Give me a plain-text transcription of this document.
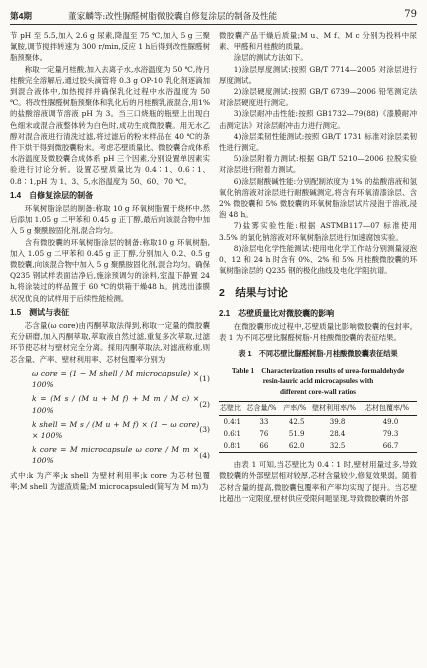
第4期	董家麟等:改性脲醛树脂微胶囊自修复涂层的制备及性能	79

节 pH 至 5.5,加入 2.6 g 尿素,降温至 75 ℃,加入 5 g 三聚氰胺,调节搅拌转速为 300 r/min,反应 1 h后得到改性脲醛树脂预聚体。

称取一定量月桂酸,加入去离子水,水浴温度为 50 ℃,待月桂酸完全溶解后,通过胶头滴管将 0.3 g OP-10 乳化剂逐滴加到混合液体中,加热搅拌并确保乳化过程中水浴温度为 50 ℃。将改性脲醛树脂预聚体和乳化后的月桂酸乳液混合,用1%的盐酸溶液调节溶液 pH 为 3。当三口烧瓶的瓶壁上出现白色细末或混合液整体转为白色时,成功生成微胶囊。用无水乙醇对混合液进行清洗过滤,将过滤后的粉末样品在 40 ℃的条件下烘干得到微胶囊粉末。考虑芯壁质量比、微胶囊合成体系水浴温度及微胶囊合成体系 pH 三个因素,分别设置单因素实验进行讨论分析。设置芯壁质量比为 0.4∶1、0.6∶1、0.8∶1,pH 为 1、3、5,水浴温度为 50、60、70 ℃。

1.4　自修复涂层的制备

环氧树脂涂层的制备:称取 10 g 环氧树脂置于烧杯中,然后添加 1.05 g 二甲苯和 0.45 g 正丁醇,最后向该混合物中加入 5 g 聚酰胺固化剂,混合均匀。

含有微胶囊的环氧树脂涂层的制备:称取10 g 环氧树脂,加入 1.05 g 二甲苯和 0.45 g 正丁醇,分别加入 0.2、0.5 g 微胶囊,向该混合物中加入 5 g 聚酰胺固化剂,混合均匀。确保 Q235 钢试样表面洁净后,施涂预调匀的涂料,室温下静置 24 h,将涂装过的样品置于 60 ℃的烘箱干燥48 h。挑选出漆膜状况优良的试样用于后续性能检测。

1.5　测试与表征

芯含量(ω core)由丙酮萃取法得到,称取一定量的微胶囊充分研磨,加入丙酮萃取,萃取液自然过滤,重复多次萃取,过滤环节使芯材与壁材完全分离。採用丙酮萃取法,对滤液称重,则芯含量、产率、壁材利用率、芯材包覆率分别为

ω core = (1 − M shell / M microcapsule) × 100%
(1)
k = (M s / (M u + M f) + M m / M c) × 100%
(2)
k shell = M s / (M u + M f) × (1 − ω core) × 100%
(3)
k core = M microcapsule ω core / M m × 100%
(4)

式中:k 为产率;k shell 为壁材利用率;k core 为芯材包覆率;M shell 为滤渣质量;M microcapsuled(简写为 M m)为

微胶囊产品干燥后质量;M u、M f、M c 分别为投料中尿素、甲醛和月桂酸的质量。

涂层的测试方法如下。

1)涂层厚度测试:按照 GB/T 7714—2005 对涂层进行厚度测试。

2)涂层硬度测试:按照 GB/T 6739—2006 铅笔测定法对涂层硬度进行测定。

3)涂层耐冲击性能:按照 GB1732—79(88)《漆膜耐冲击测定法》对涂层耐冲击力进行测定。

4)涂层柔韧性能测试:按照 GB/T 1731 标准对涂层柔韧性进行测定。

5)涂层附着力测试:根据 GB/T 5210—2006 拉脱实验对涂层进行附着力测试。

6)涂层耐酸碱性能:分别配制浓度为 1% 的盐酸溶液和氢氧化钠溶液对涂层进行耐酸碱测定,将含有环氧清漆涂层、含 2% 微胶囊和 5% 微胶囊的环氧树脂涂层试片浸泡于溶液,浸泡 48 h。

7)盐雾实验性能:根据 ASTMB117—07 标准使用 3.5% 的氯化钠溶液对环氧树脂涂层进行加速腐蚀实验。

8)涂层电化学性能测试:使用电化学工作站分别测量浸泡 0、12 和 24 h 时含有 0%、2% 和 5% 月桂酸微胶囊的环氧树脂涂层的 Q235 钢的极化曲线及电化学阻抗谱。

2　结果与讨论
2.1　芯壁质量比对微胶囊的影响

在微胶囊形成过程中,芯壁质量比影响微胶囊的包封率。表 1 为不同芯壁比脲醛树脂-月桂酸微胶囊的表征结果。

表 1　不同芯壁比脲醛树脂-月桂酸微胶囊表征结果
Table 1　Characterization results of urea-formaldehyde
resin-lauric acid microcapsules with
different core-wall ratios
芯壁比	芯含量/%	产率/%	壁材利用率/%	芯材包覆率/%
0.4∶1	33	42.5	39.8	49.0
0.6∶1	76	51.9	28.4	79.3
0.8∶1	66	62.0	32.5	66.7

由表 1 可知,当芯壁比为 0.4∶1 时,壁材用量过多,导致微胶囊的外部壁层相对较厚,芯材含量较少,修复效果弱。随着芯材含量的提高,微胶囊包覆率和产率均实现了提升。当芯壁比超出一定限度,壁材供应受限问题显现,导致微胶囊的外部
